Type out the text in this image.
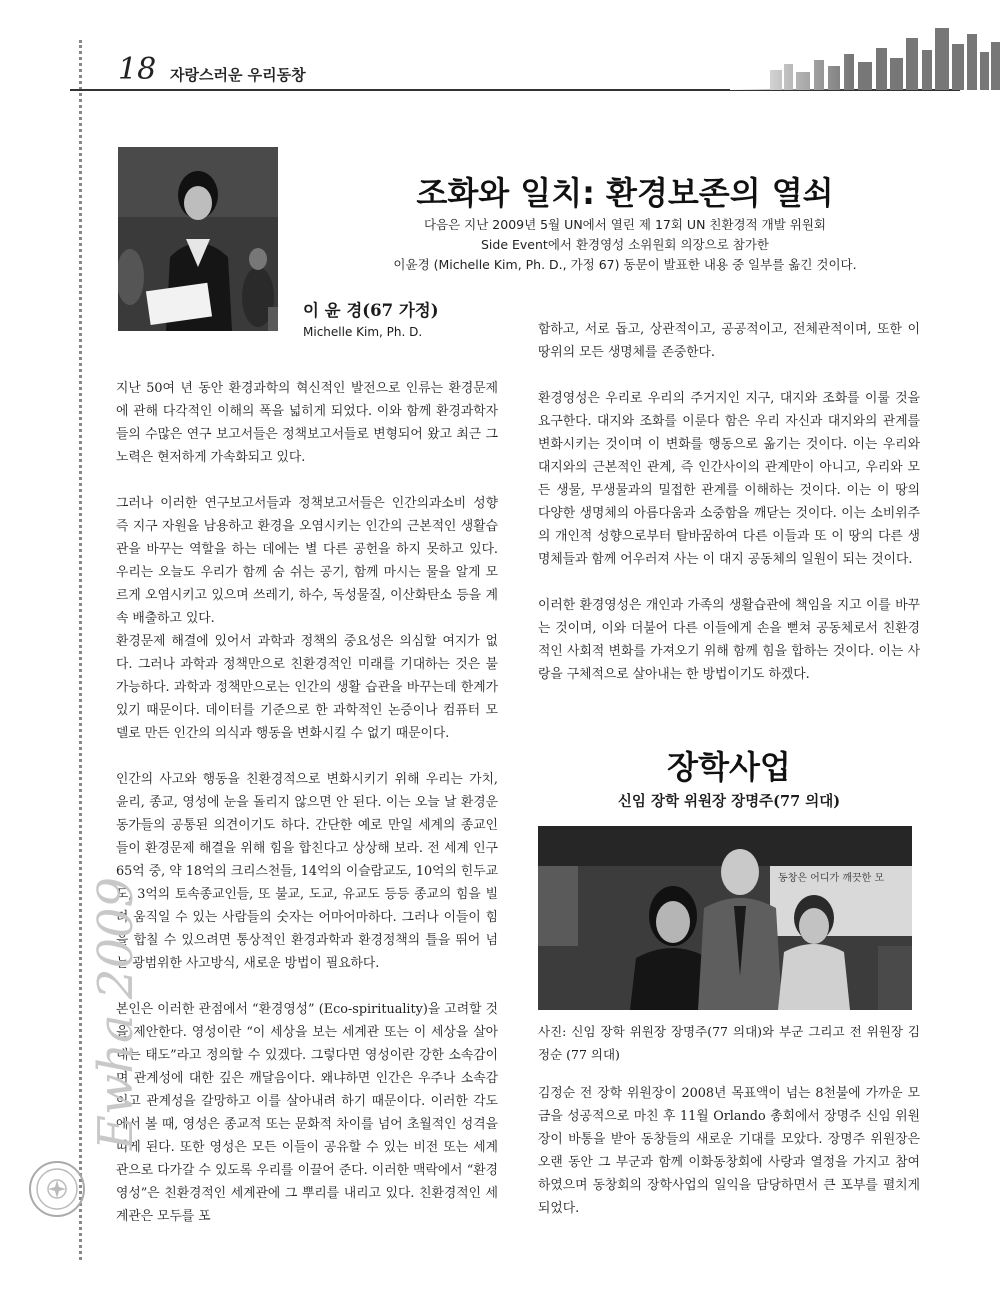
18 자랑스러운 우리동창
조화와 일치: 환경보존의 열쇠
다음은 지난 2009년 5월 UN에서 열린 제 17회 UN 친환경적 개발 위원회
Side Event에서 환경영성 소위원회 의장으로 참가한
이윤경 (Michelle Kim, Ph. D., 가정 67) 동문이 발표한 내용 중 일부를 옮긴 것이다.
이 윤 경(67 가정)
Michelle Kim, Ph. D.

지난 50여 년 동안 환경과학의 혁신적인 발전으로 인류는 환경문제에 관해 다각적인 이해의 폭을 넓히게 되었다. 이와 함께 환경과학자들의 수많은 연구 보고서들은 정책보고서들로 변형되어 왔고 최근 그 노력은 현저하게 가속화되고 있다.

그러나 이러한 연구보고서들과 정책보고서들은 인간의과소비 성향 즉 지구 자원을 남용하고 환경을 오염시키는 인간의 근본적인 생활습관을 바꾸는 역할을 하는 데에는 별 다른 공헌을 하지 못하고 있다. 우리는 오늘도 우리가 함께 숨 쉬는 공기, 함께 마시는 물을 알게 모르게 오염시키고 있으며 쓰레기, 하수, 독성물질, 이산화탄소 등을 계속 배출하고 있다.

환경문제 해결에 있어서 과학과 정책의 중요성은 의심할 여지가 없다. 그러나 과학과 정책만으로 친환경적인 미래를 기대하는 것은 불가능하다. 과학과 정책만으로는 인간의 생활 습관을 바꾸는데 한계가 있기 때문이다. 데이터를 기준으로 한 과학적인 논증이나 컴퓨터 모델로 만든 인간의 의식과 행동을 변화시킬 수 없기 때문이다.

인간의 사고와 행동을 친환경적으로 변화시키기 위해 우리는 가치, 윤리, 종교, 영성에 눈을 돌리지 않으면 안 된다. 이는 오늘 날 환경운동가들의 공통된 의견이기도 하다. 간단한 예로 만일 세계의 종교인들이 환경문제 해결을 위해 힘을 합친다고 상상해 보라. 전 세계 인구 65억 중, 약 18억의 크리스천들, 14억의 이슬람교도, 10억의 힌두교도, 3억의 토속종교인들, 또 불교, 도교, 유교도 등등 종교의 힘을 빌려 움직일 수 있는 사람들의 숫자는 어마어마하다. 그러나 이들이 힘을 합칠 수 있으려면 통상적인 환경과학과 환경정책의 틀을 뛰어 넘는 광범위한 사고방식, 새로운 방법이 필요하다.

본인은 이러한 관점에서 “환경영성” (Eco-spirituality)을 고려할 것을 제안한다. 영성이란 “이 세상을 보는 세계관 또는 이 세상을 살아내는 태도”라고 정의할 수 있겠다. 그렇다면 영성이란 강한 소속감이며 관계성에 대한 깊은 깨달음이다. 왜냐하면 인간은 우주나 소속감이고 관계성을 갈망하고 이를 살아내려 하기 때문이다. 이러한 각도에서 볼 때, 영성은 종교적 또는 문화적 차이를 넘어 초월적인 성격을 띠게 된다. 또한 영성은 모든 이들이 공유할 수 있는 비전 또는 세계관으로 다가갈 수 있도록 우리를 이끌어 준다. 이러한 맥락에서 “환경영성”은 친환경적인 세계관에 그 뿌리를 내리고 있다. 친환경적인 세계관은 모두를 포

함하고, 서로 돕고, 상관적이고, 공공적이고, 전체관적이며, 또한 이 땅위의 모든 생명체를 존중한다.

환경영성은 우리로 우리의 주거지인 지구, 대지와 조화를 이룰 것을 요구한다. 대지와 조화를 이룬다 함은 우리 자신과 대지와의 관계를 변화시키는 것이며 이 변화를 행동으로 옮기는 것이다. 이는 우리와 대지와의 근본적인 관계, 즉 인간사이의 관계만이 아니고, 우리와 모든 생물, 무생물과의 밀접한 관계를 이해하는 것이다. 이는 이 땅의 다양한 생명체의 아름다움과 소중함을 깨닫는 것이다. 이는 소비위주의 개인적 성향으로부터 탈바꿈하여 다른 이들과 또 이 땅의 다른 생명체들과 함께 어우러져 사는 이 대지 공동체의 일원이 되는 것이다.

이러한 환경영성은 개인과 가족의 생활습관에 책임을 지고 이를 바꾸는 것이며, 이와 더불어 다른 이들에게 손을 뻗쳐 공동체로서 친환경적인 사회적 변화를 가져오기 위해 함께 힘을 합하는 것이다. 이는 사랑을 구체적으로 살아내는 한 방법이기도 하겠다.

장학사업
신임 장학 위원장 장명주(77 의대)
동창은 어디가 깨끗한 모
사진: 신임 장학 위원장 장명주(77 의대)와 부군 그리고 전 위원장 김정순 (77 의대)

김정순 전 장학 위원장이 2008년 목표액이 넘는 8천불에 가까운 모금을 성공적으로 마친 후 11월 Orlando 총회에서 장명주 신임 위원장이 바통을 받아 동창들의 새로운 기대를 모았다. 장명주 위원장은 오랜 동안 그 부군과 함께 이화동창회에 사랑과 열정을 가지고 참여하였으며 동창회의 장학사업의 일익을 담당하면서 큰 포부를 펼치게 되었다.

Ewha 2009
